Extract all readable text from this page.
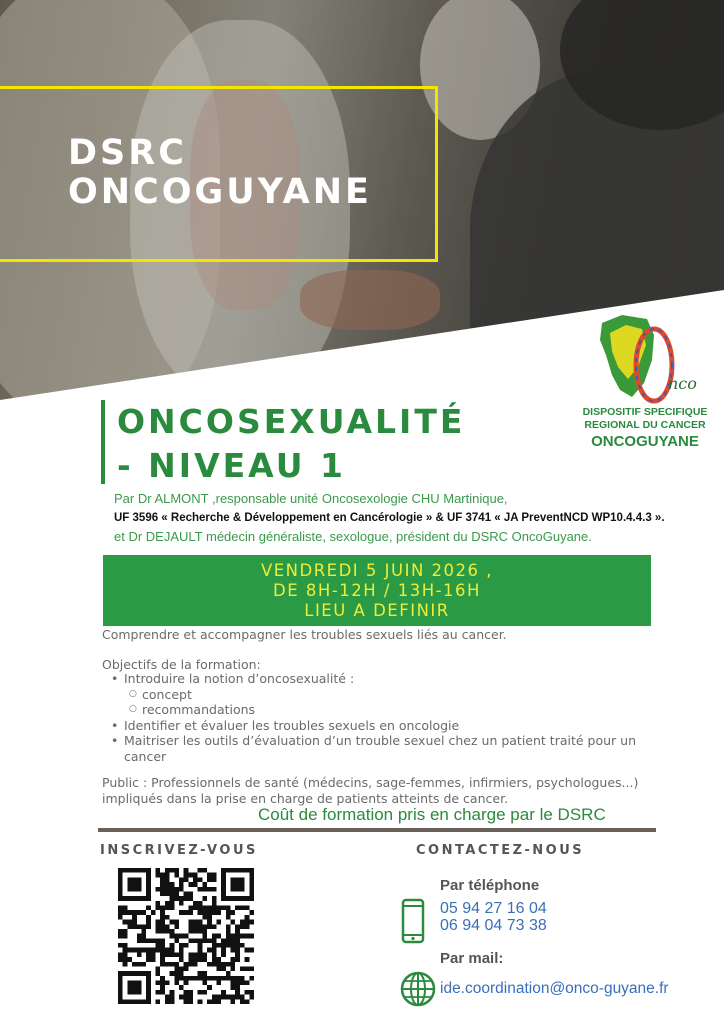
DSRC
ONCOGUYANE
nco
DISPOSITIF SPECIFIQUE
REGIONAL DU CANCER
ONCOGUYANE
ONCOSEXUALITÉ
- NIVEAU 1
Par Dr ALMONT ,responsable unité Oncosexologie CHU Martinique,
UF 3596 « Recherche & Développement en Cancérologie » & UF 3741 « JA PreventNCD WP10.4.4.3 ».
et Dr DEJAULT médecin généraliste, sexologue, président du DSRC OncoGuyane.
VENDREDI 5 JUIN 2026 ,
DE 8H-12H / 13H-16H
LIEU A DEFINIR
Comprendre et accompagner les troubles sexuels liés au cancer.
Objectifs de la formation:
• Introduire la notion d’oncosexualité :
○ concept
○ recommandations
• Identifier et évaluer les troubles sexuels en oncologie
• Maitriser les outils d’évaluation d’un trouble sexuel chez un patient traité pour un cancer
Public : Professionnels de santé (médecins, sage-femmes, infirmiers, psychologues...) impliqués dans la prise en charge de patients atteints de cancer.
Coût de formation pris en charge par le DSRC
INSCRIVEZ-VOUS	CONTACTEZ-NOUS
Par téléphone
05 94 27 16 04
06 94 04 73 38
Par mail:
ide.coordination@onco-guyane.fr
